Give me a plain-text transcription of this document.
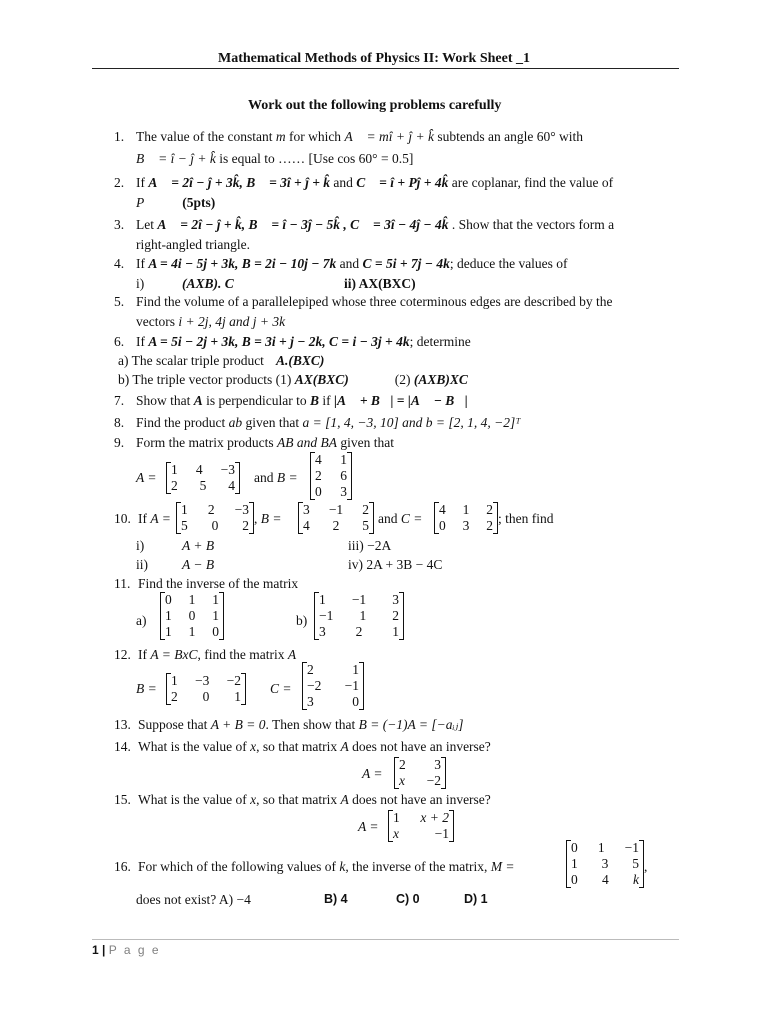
Mathematical Methods of Physics II: Work Sheet _1
Work out the following problems carefully
1. The value of the constant m for which A⃗ = mî + ĵ + k̂ subtends an angle 60° with
B⃗ = î − ĵ + k̂ is equal to …… [Use cos 60° = 0.5]
2. If A⃗ = 2î − ĵ + 3k̂, B⃗ = 3î + ĵ + k̂ and C⃗ = î + Pĵ + 4k̂ are coplanar, find the value of
P	(5pts)
3. Let A⃗ = 2î − ĵ + k̂, B⃗ = î − 3ĵ − 5k̂ , C⃗ = 3î − 4ĵ − 4k̂ . Show that the vectors form a
right-angled triangle.
4. If A = 4i − 5j + 3k, B = 2i − 10j − 7k and C = 5i + 7j − 4k; deduce the values of
i)	(AXB). C	ii) AX(BXC)
5. Find the volume of a parallelepiped whose three coterminous edges are described by the
vectors i + 2j, 4j and j + 3k
6. If A = 5i − 2j + 3k, B = 3i + j − 2k, C = i − 3j + 4k; determine
a) The scalar triple product A.(BXC)
b) The triple vector products (1) AX(BXC)	(2) (AXB)XC
7. Show that A is perpendicular to B if |A⃗ + B⃗| = |A⃗ − B⃗|
8. Find the product ab given that a = [1, 4, −3, 10] and b = [2, 1, 4, −2]ᵀ
9. Form the matrix products AB and BA given that
A =
1 4 −3
2 5 4
and B =
4 1
2 6
0 3
10. If A =
1 2 −3
5 0 2 , B =
3 −1 2
4 2 5 and C =
4 1 2
0 3 2 ; then find
i)	A + B	iii) −2A
ii)	A − B	iv) 2A + 3B − 4C
11. Find the inverse of the matrix
a)
0 1 1
1 0 1
1 1 0
b)
1 −1 3
−1 1 2
3 2 1
12. If A = BxC, find the matrix A
B =
1 −3 −2
2 0 1
C =
2	1
−2 −1
3	0
13. Suppose that A + B = 0. Then show that B = (−1)A = [−aᵢⱼ]
14. What is the value of x, so that matrix A does not have an inverse?
A =
2 3
x −2
15. What is the value of x, so that matrix A does not have an inverse?
A =
1 x + 2
x	−1
16. For which of the following values of k, the inverse of the matrix, M =
0 1 −1
1 3 5
0 4 k
,
does not exist? A) −4	B) 4	C) 0	D) 1
1 | P a g e
